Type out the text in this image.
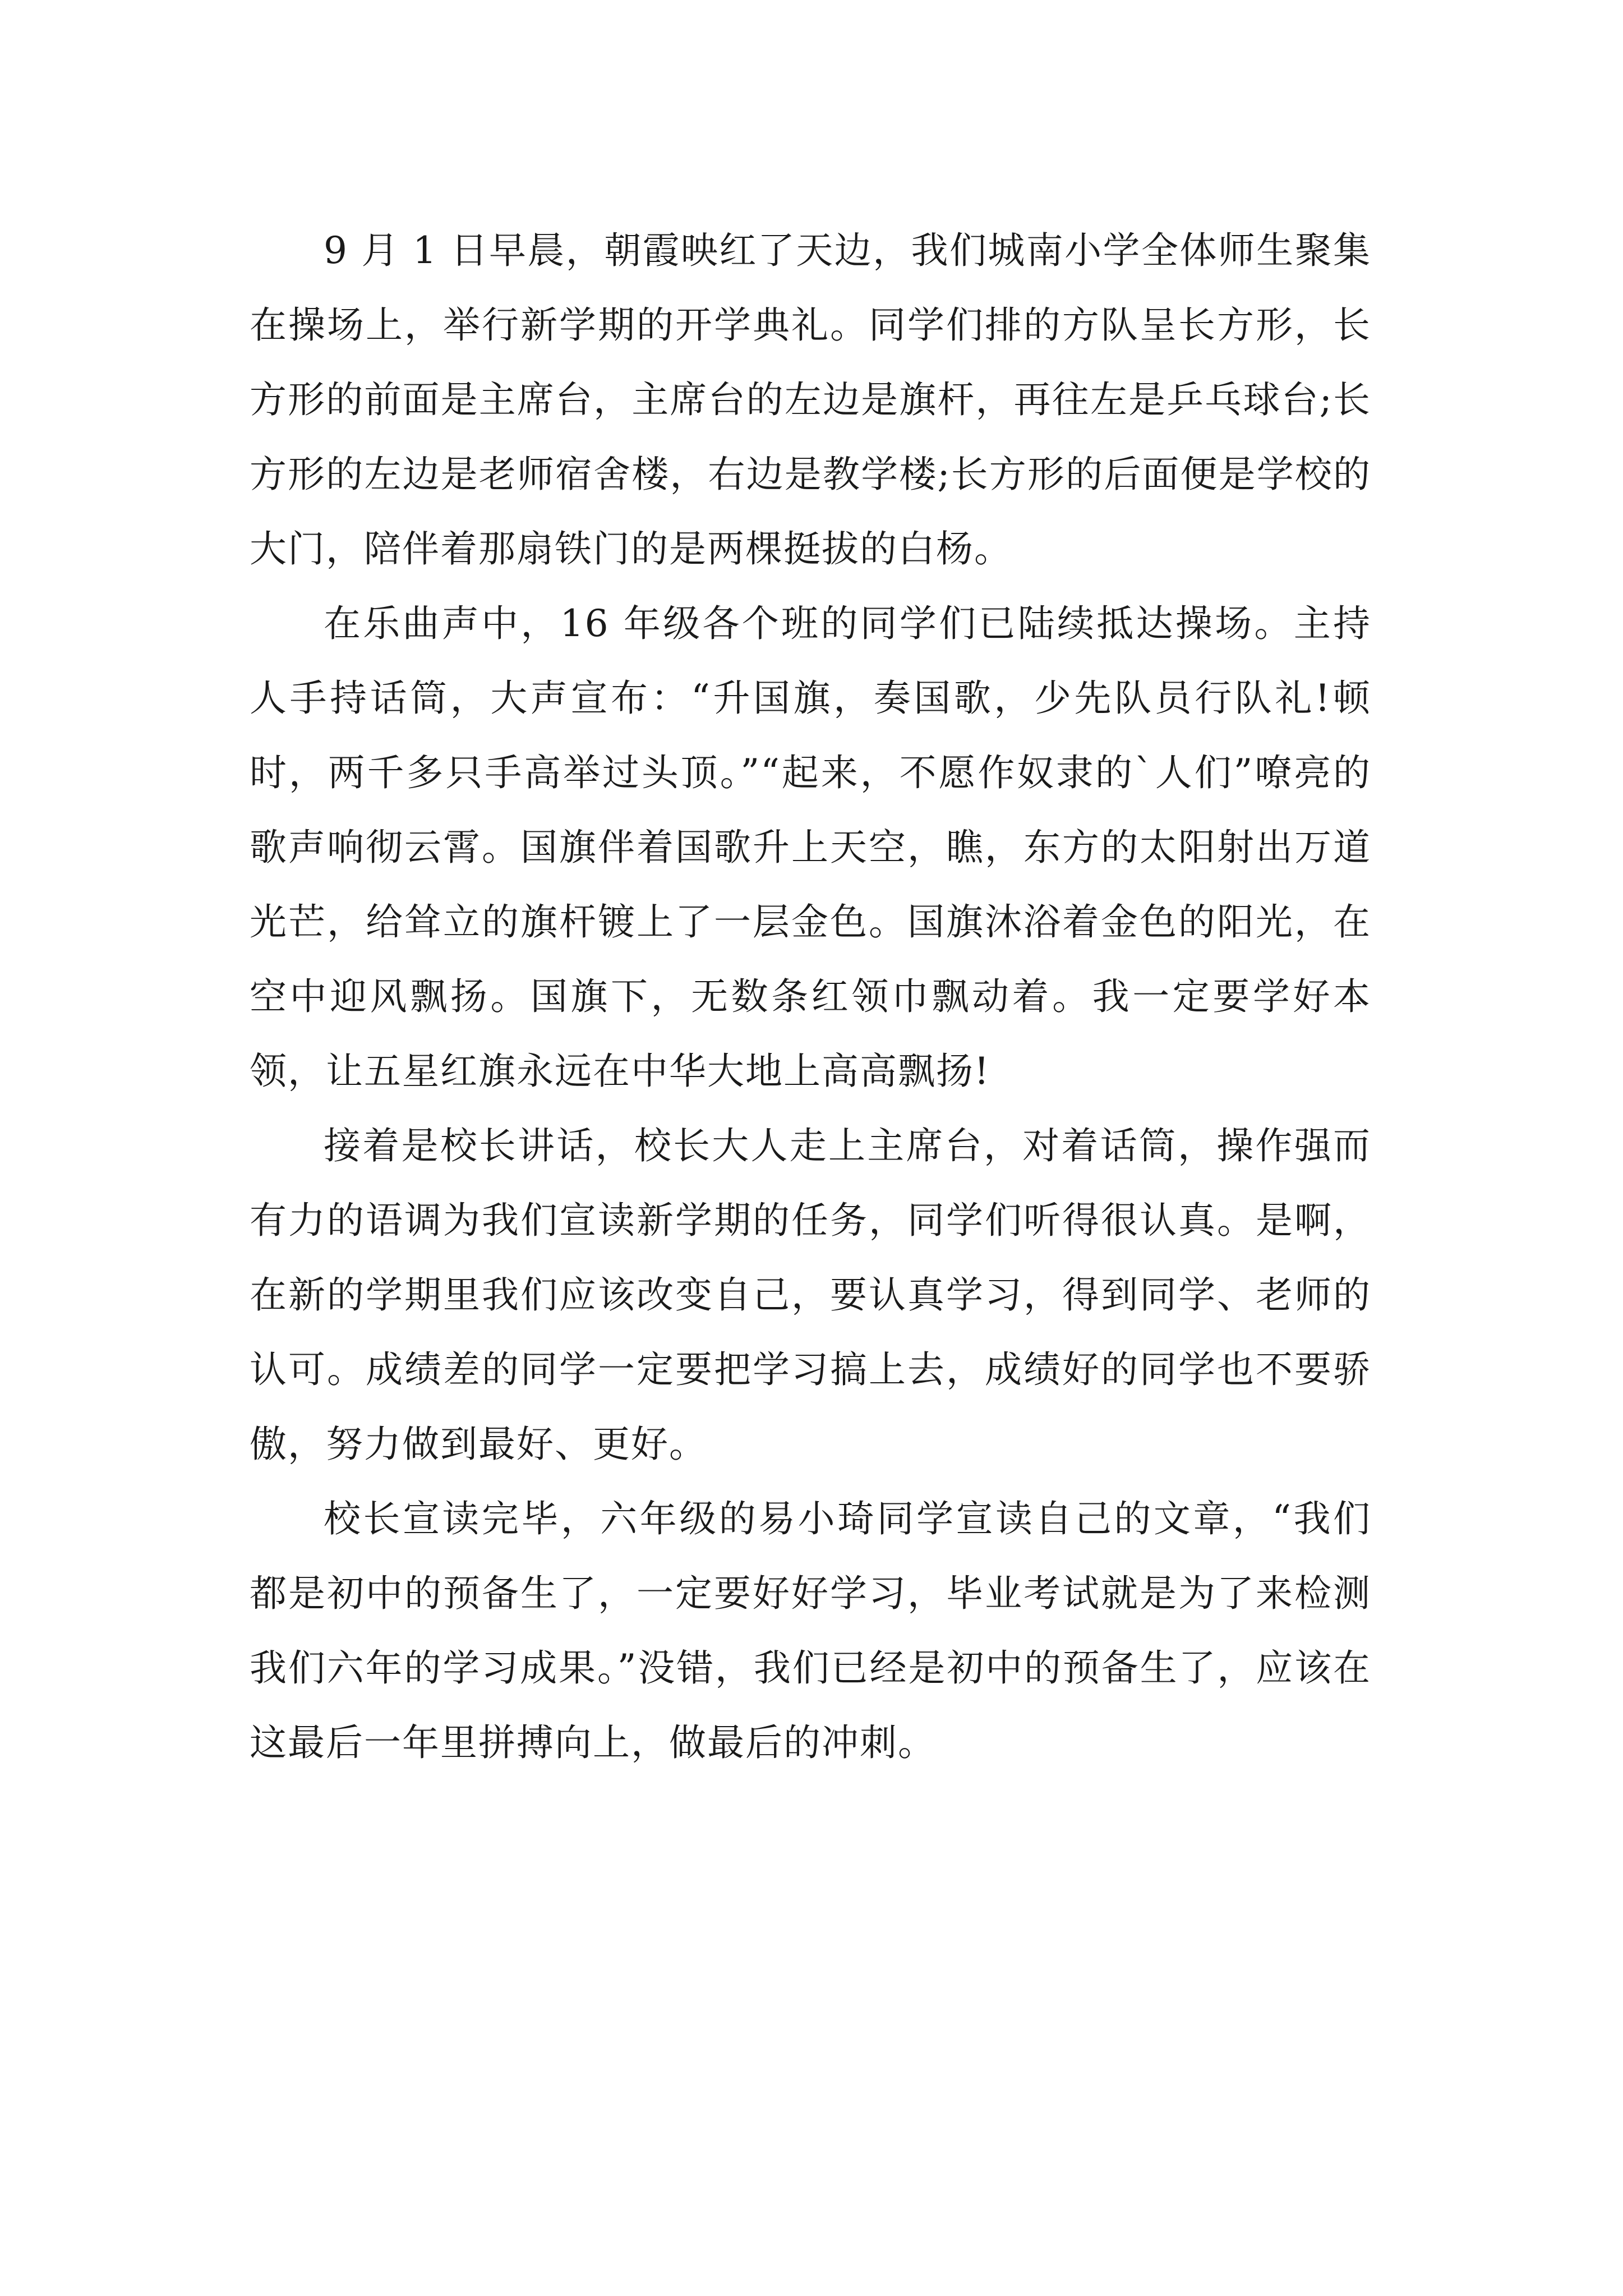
9 月 1 日早晨，朝霞映红了天边，我们城南小学全体师生聚集在操场上，举行新学期的开学典礼。同学们排的方队呈长方形，长方形的前面是主席台，主席台的左边是旗杆，再往左是乒乓球台;长方形的左边是老师宿舍楼，右边是教学楼;长方形的后面便是学校的大门，陪伴着那扇铁门的是两棵挺拔的白杨。

在乐曲声中，16 年级各个班的同学们已陆续抵达操场。主持人手持话筒，大声宣布：“升国旗，奏国歌，少先队员行队礼!顿时，两千多只手高举过头顶。”“起来，不愿作奴隶的`人们”嘹亮的歌声响彻云霄。国旗伴着国歌升上天空，瞧，东方的太阳射出万道光芒，给耸立的旗杆镀上了一层金色。国旗沐浴着金色的阳光，在空中迎风飘扬。国旗下，无数条红领巾飘动着。我一定要学好本领，让五星红旗永远在中华大地上高高飘扬!

接着是校长讲话，校长大人走上主席台，对着话筒，操作强而有力的语调为我们宣读新学期的任务，同学们听得很认真。是啊，在新的学期里我们应该改变自己，要认真学习，得到同学、老师的认可。成绩差的同学一定要把学习搞上去，成绩好的同学也不要骄傲，努力做到最好、更好。

校长宣读完毕，六年级的易小琦同学宣读自己的文章，“我们都是初中的预备生了，一定要好好学习，毕业考试就是为了来检测我们六年的学习成果。”没错，我们已经是初中的预备生了，应该在这最后一年里拼搏向上，做最后的冲刺。
